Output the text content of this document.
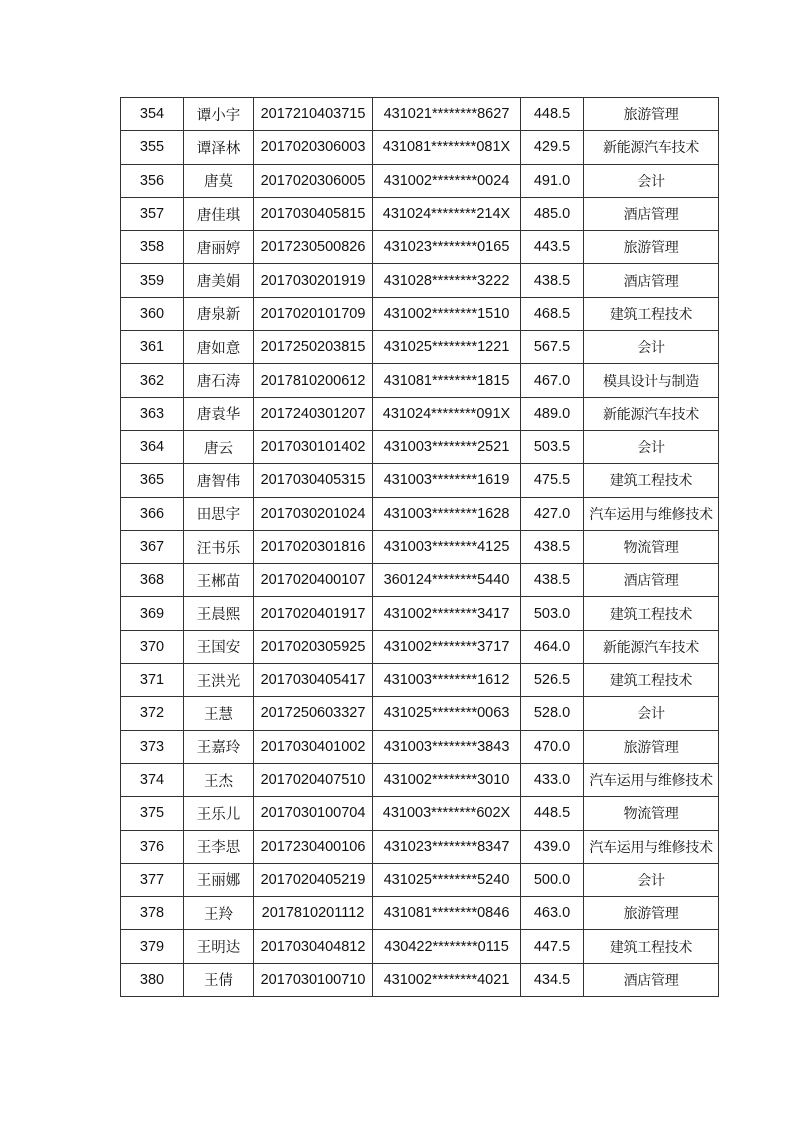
354	谭小宇	2017210403715	431021********8627	448.5	旅游管理
355	谭泽林	2017020306003	431081********081X	429.5	新能源汽车技术
356	唐莫	2017020306005	431002********0024	491.0	会计
357	唐佳琪	2017030405815	431024********214X	485.0	酒店管理
358	唐丽婷	2017230500826	431023********0165	443.5	旅游管理
359	唐美娟	2017030201919	431028********3222	438.5	酒店管理
360	唐泉新	2017020101709	431002********1510	468.5	建筑工程技术
361	唐如意	2017250203815	431025********1221	567.5	会计
362	唐石涛	2017810200612	431081********1815	467.0	模具设计与制造
363	唐袁华	2017240301207	431024********091X	489.0	新能源汽车技术
364	唐云	2017030101402	431003********2521	503.5	会计
365	唐智伟	2017030405315	431003********1619	475.5	建筑工程技术
366	田思宇	2017030201024	431003********1628	427.0	汽车运用与维修技术
367	汪书乐	2017020301816	431003********4125	438.5	物流管理
368	王郴苗	2017020400107	360124********5440	438.5	酒店管理
369	王晨熙	2017020401917	431002********3417	503.0	建筑工程技术
370	王国安	2017020305925	431002********3717	464.0	新能源汽车技术
371	王洪光	2017030405417	431003********1612	526.5	建筑工程技术
372	王慧	2017250603327	431025********0063	528.0	会计
373	王嘉玲	2017030401002	431003********3843	470.0	旅游管理
374	王杰	2017020407510	431002********3010	433.0	汽车运用与维修技术
375	王乐儿	2017030100704	431003********602X	448.5	物流管理
376	王李思	2017230400106	431023********8347	439.0	汽车运用与维修技术
377	王丽娜	2017020405219	431025********5240	500.0	会计
378	王羚	2017810201112	431081********0846	463.0	旅游管理
379	王明达	2017030404812	430422********0115	447.5	建筑工程技术
380	王倩	2017030100710	431002********4021	434.5	酒店管理
